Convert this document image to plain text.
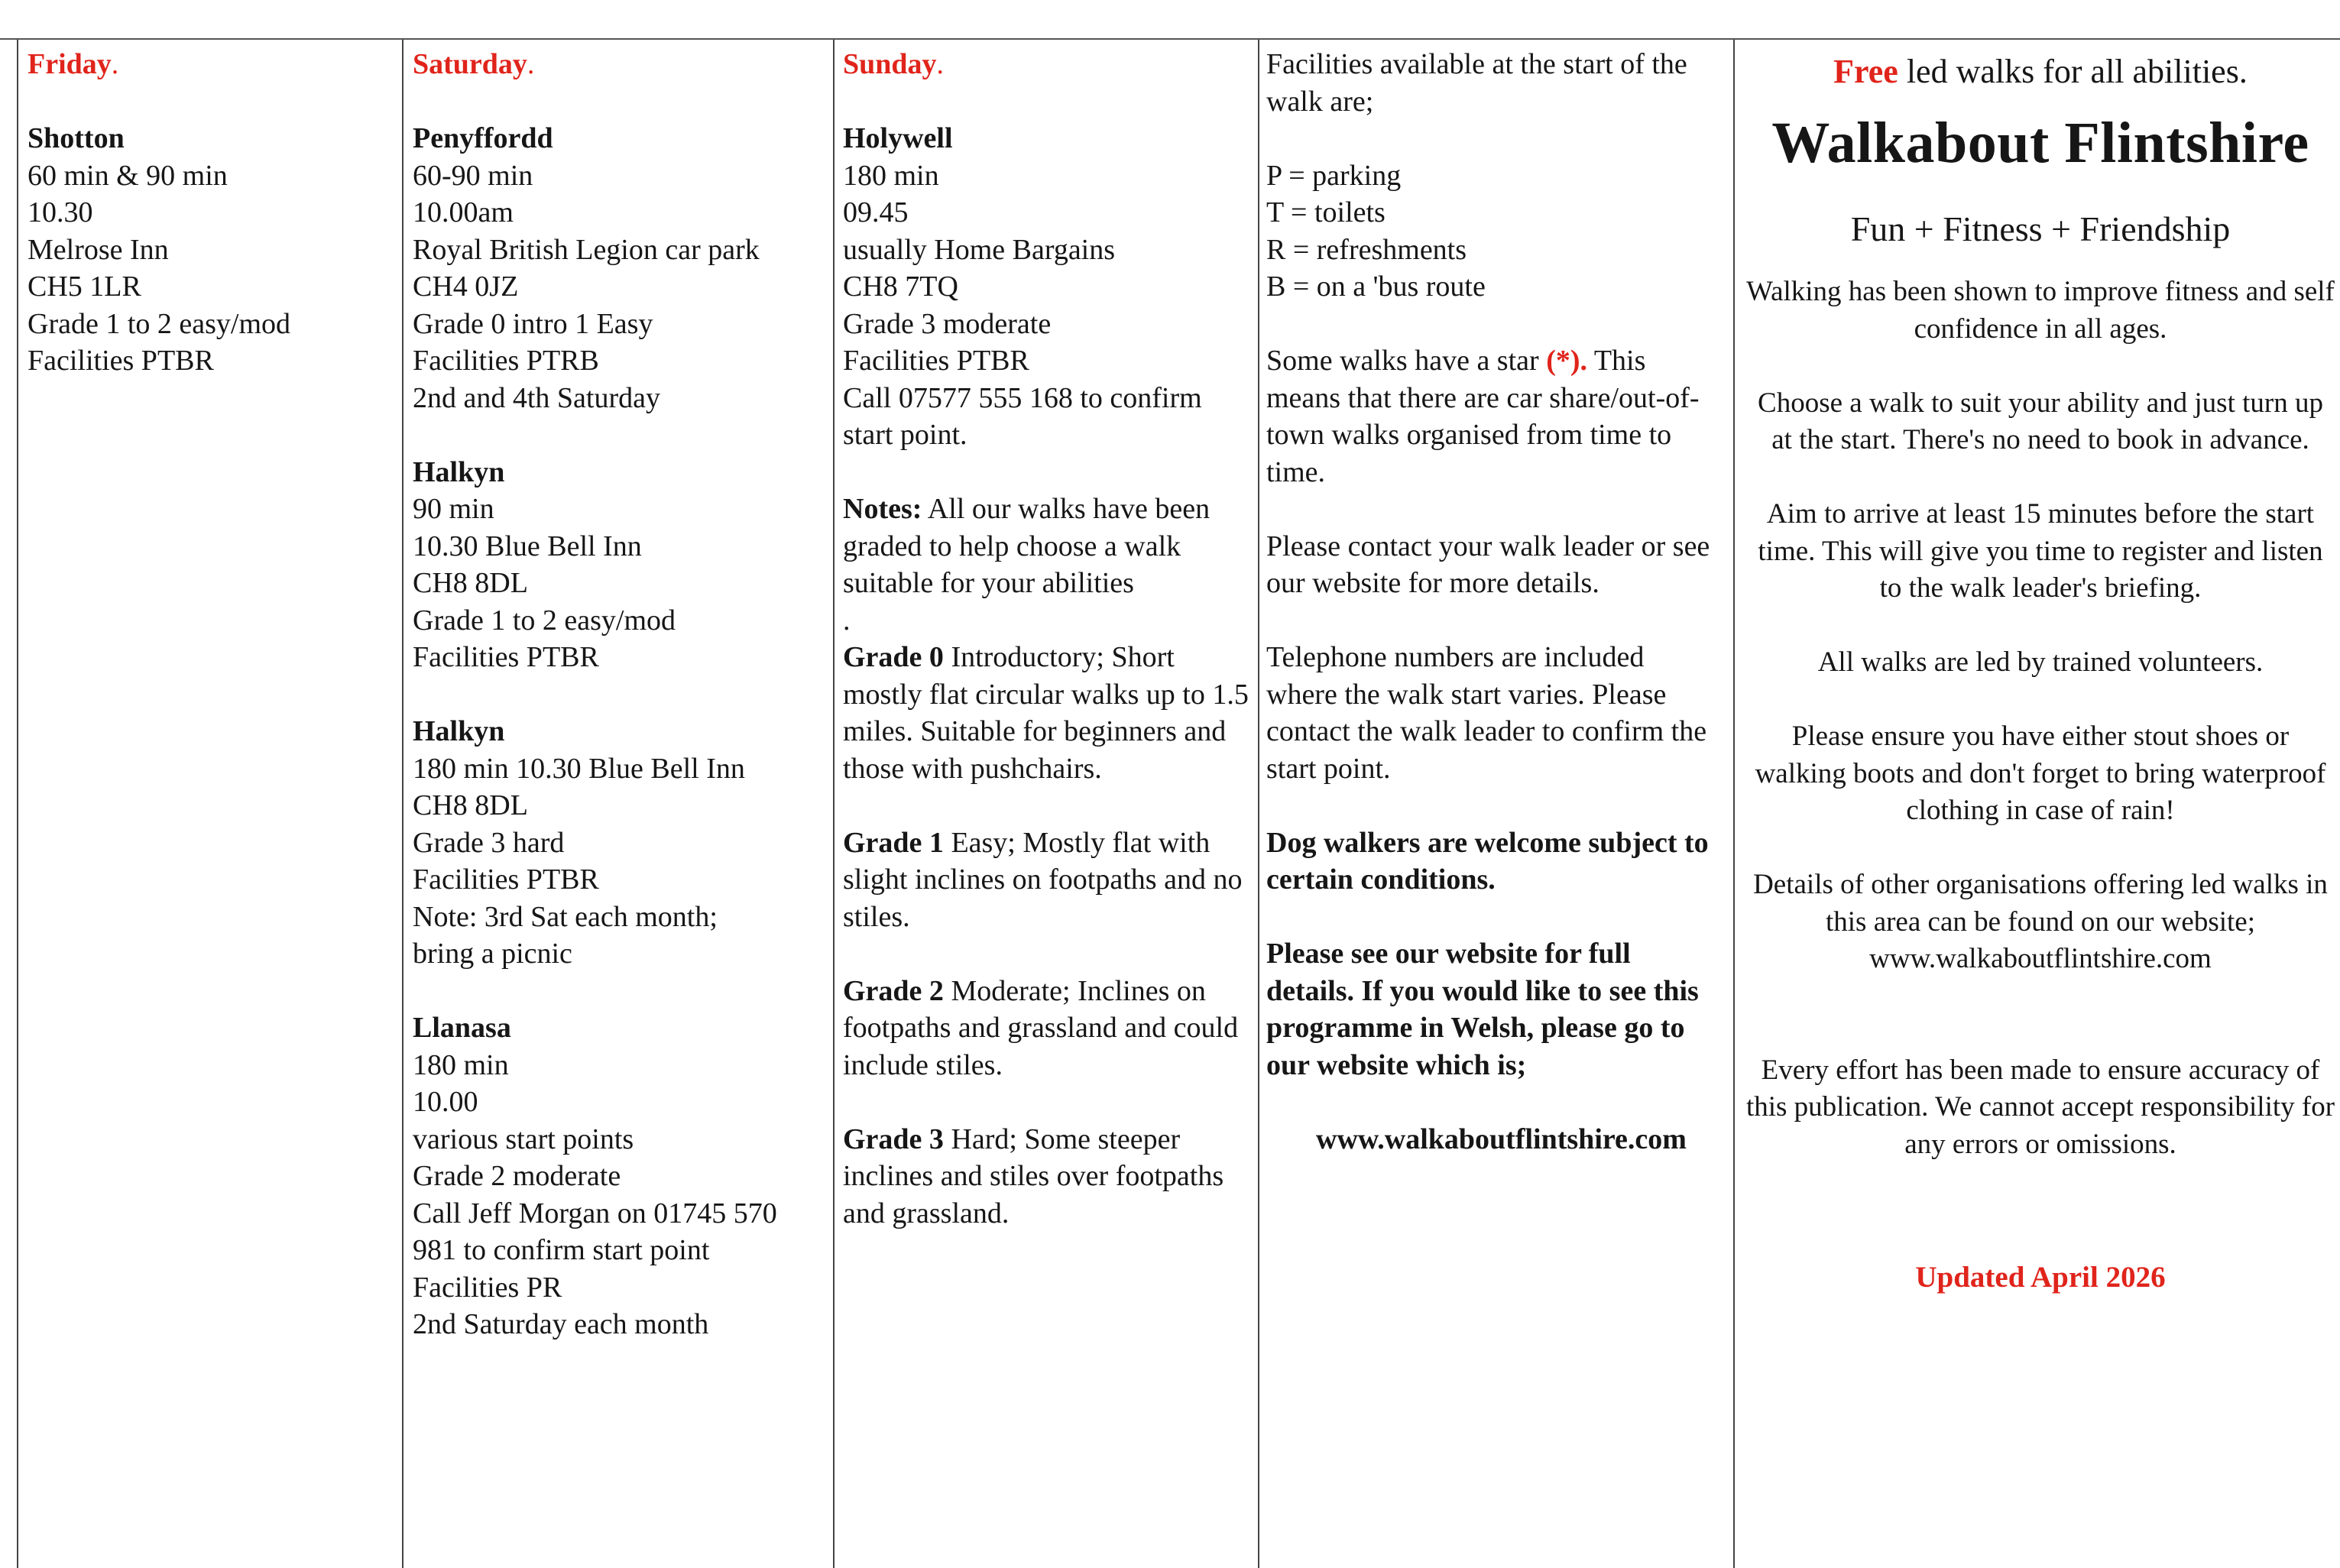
Friday.

Shotton

60 min & 90 min

10.30

Melrose Inn

CH5 1LR

Grade 1 to 2 easy/mod

Facilities PTBR

Saturday.

Penyffordd

60-90 min

10.00am

Royal British Legion car park

CH4 0JZ

Grade 0 intro 1 Easy

Facilities PTRB

2nd and 4th Saturday

Halkyn

90 min

10.30 Blue Bell Inn

CH8 8DL

Grade 1 to 2 easy/mod

Facilities PTBR

Halkyn

180 min 10.30 Blue Bell Inn

CH8 8DL

Grade 3 hard

Facilities PTBR

Note: 3rd Sat each month;

bring a picnic

Llanasa

180 min

10.00

various start points

Grade 2 moderate

Call Jeff Morgan on 01745 570

981 to confirm start point

Facilities PR

2nd Saturday each month

Sunday.

Holywell

180 min

09.45

usually Home Bargains

CH8 7TQ

Grade 3 moderate

Facilities PTBR

Call 07577 555 168 to confirm start point.

Notes: All our walks have been graded to help choose a walk suitable for your abilities

.

Grade 0 Introductory; Short mostly flat circular walks up to 1.5 miles. Suitable for beginners and those with pushchairs.

Grade 1 Easy; Mostly flat with slight inclines on footpaths and no stiles.

Grade 2 Moderate; Inclines on footpaths and grassland and could include stiles.

Grade 3 Hard; Some steeper inclines and stiles over footpaths and grassland.

Facilities available at the start of the walk are;

P = parking

T = toilets

R = refreshments

B = on a 'bus route

Some walks have a star (*). This means that there are car share/out-of-town walks organised from time to time.

Please contact your walk leader or see our website for more details.

Telephone numbers are included where the walk start varies. Please contact the walk leader to confirm the start point.

Dog walkers are welcome subject to certain conditions.

Please see our website for full details. If you would like to see this programme in Welsh, please go to our website which is;

www.walkaboutflintshire.com

Free led walks for all abilities.
Walkabout Flintshire
Fun + Fitness + Friendship

Walking has been shown to improve fitness and self confidence in all ages.

Choose a walk to suit your ability and just turn up at the start. There's no need to book in advance.

Aim to arrive at least 15 minutes before the start time. This will give you time to register and listen to the walk leader's briefing.

All walks are led by trained volunteers.

Please ensure you have either stout shoes or walking boots and don't forget to bring waterproof clothing in case of rain!

Details of other organisations offering led walks in this area can be found on our website; www.walkaboutflintshire.com

Every effort has been made to ensure accuracy of this publication. We cannot accept responsibility for any errors or omissions.

Updated April 2026
